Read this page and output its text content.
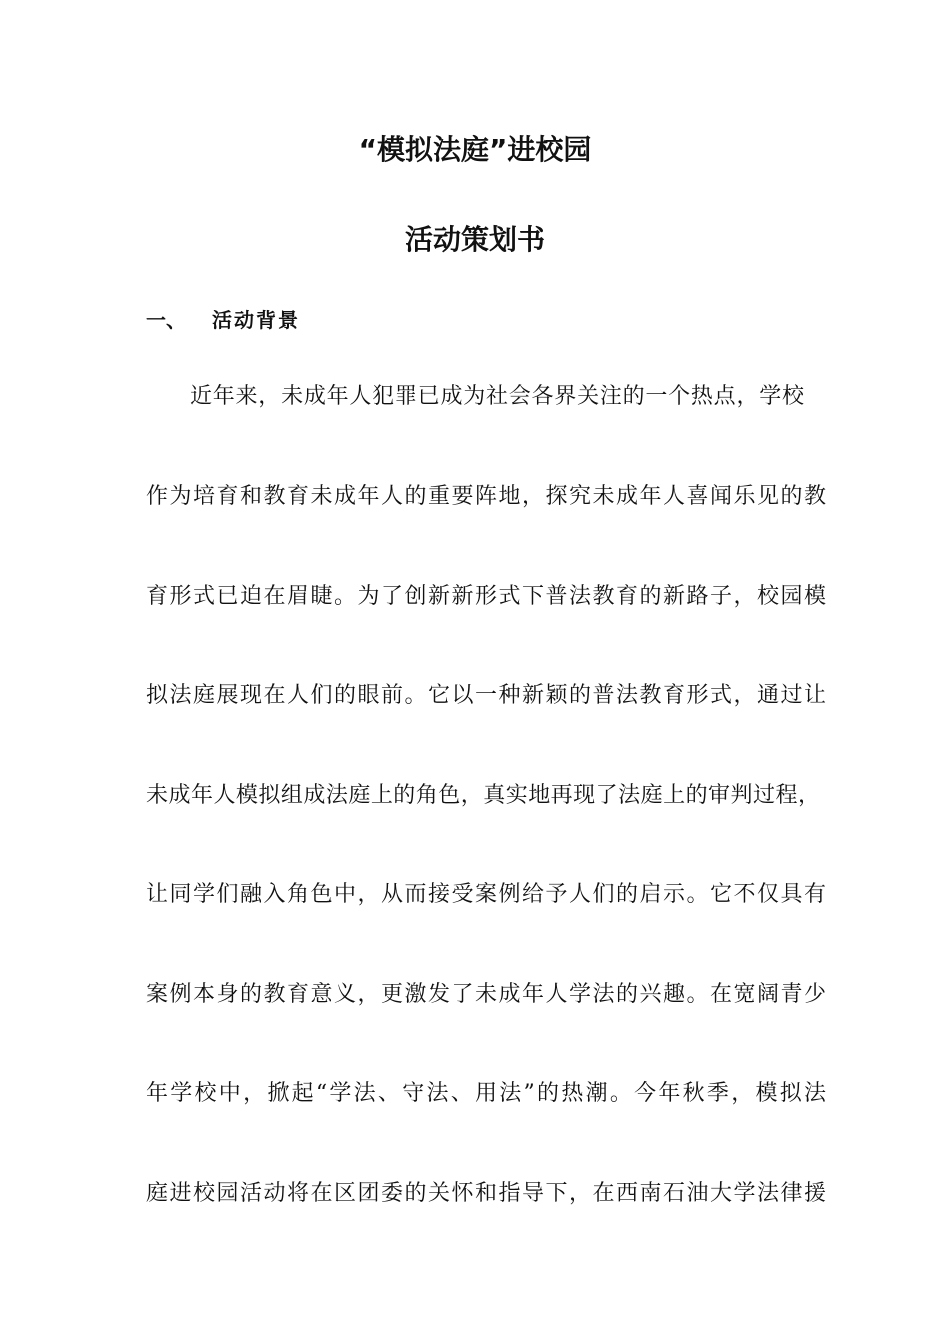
“模拟法庭”进校园
活动策划书
一、 活动背景
近年来，未成年人犯罪已成为社会各界关注的一个热点，学校
作为培育和教育未成年人的重要阵地，探究未成年人喜闻乐见的教
育形式已迫在眉睫。为了创新新形式下普法教育的新路子，校园模
拟法庭展现在人们的眼前。它以一种新颖的普法教育形式，通过让
未成年人模拟组成法庭上的角色，真实地再现了法庭上的审判过程，
让同学们融入角色中，从而接受案例给予人们的启示。它不仅具有
案例本身的教育意义，更激发了未成年人学法的兴趣。在宽阔青少
年学校中，掀起“学法、守法、用法”的热潮。今年秋季，模拟法
庭进校园活动将在区团委的关怀和指导下，在西南石油大学法律援
